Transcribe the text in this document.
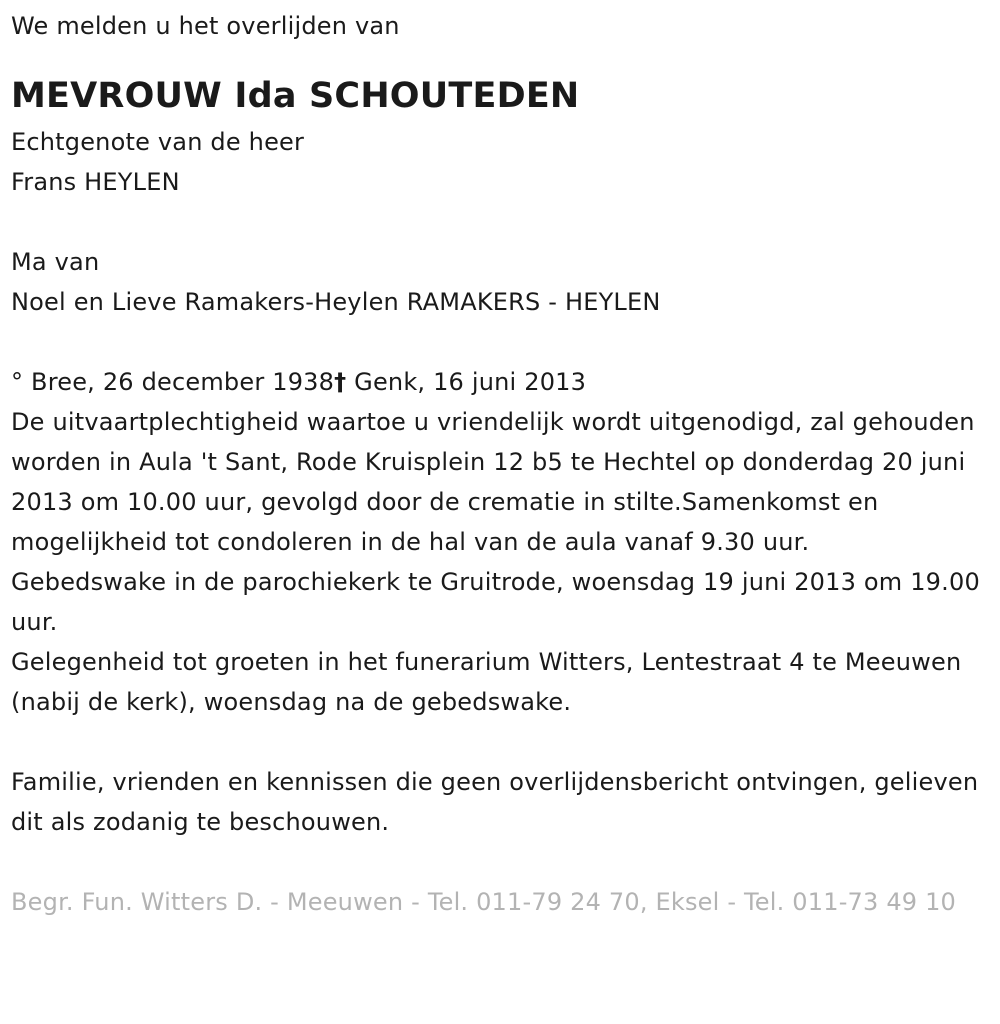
We melden u het overlijden van
MEVROUW Ida SCHOUTEDEN
Echtgenote van de heer
Frans HEYLEN
Ma van
Noel en Lieve Ramakers-Heylen RAMAKERS - HEYLEN
° Bree, 26 december 1938† Genk, 16 juni 2013
De uitvaartplechtigheid waartoe u vriendelijk wordt uitgenodigd, zal gehouden worden in Aula 't Sant, Rode Kruisplein 12 b5 te Hechtel op donderdag 20 juni 2013 om 10.00 uur, gevolgd door de crematie in stilte.Samenkomst en mogelijkheid tot condoleren in de hal van de aula vanaf 9.30 uur.
Gebedswake in de parochiekerk te Gruitrode, woensdag 19 juni 2013 om 19.00 uur.
Gelegenheid tot groeten in het funerarium Witters, Lentestraat 4 te Meeuwen (nabij de kerk), woensdag na de gebedswake.
Familie, vrienden en kennissen die geen overlijdensbericht ontvingen, gelieven dit als zodanig te beschouwen.
Begr. Fun. Witters D. - Meeuwen - Tel. 011-79 24 70, Eksel - Tel. 011-73 49 10
